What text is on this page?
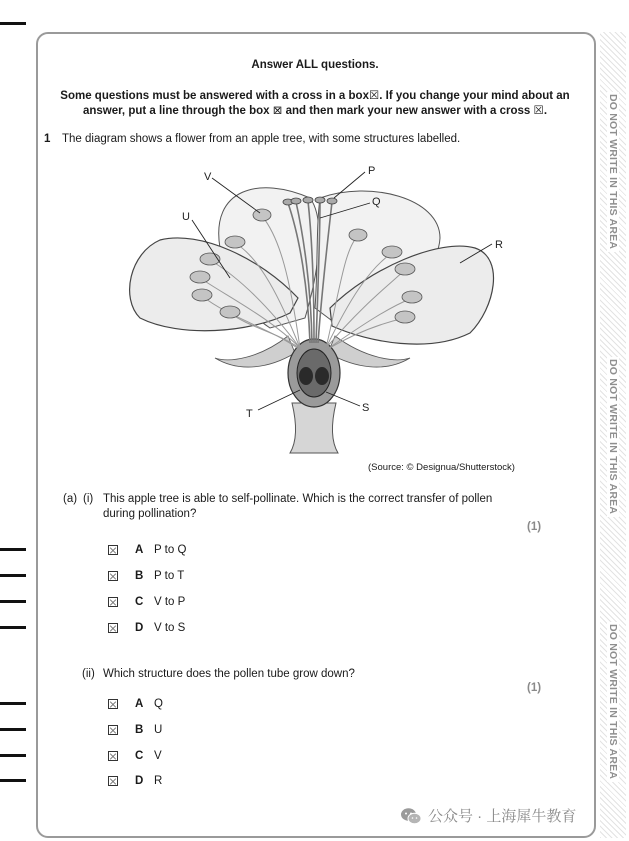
DO NOT WRITE IN THIS AREA
DO NOT WRITE IN THIS AREA
DO NOT WRITE IN THIS AREA
Answer ALL questions.
Some questions must be answered with a cross in a box☒. If you change your mind about an
answer, put a line through the box ⊠ and then mark your new answer with a cross ☒.
1 The diagram shows a flower from an apple tree, with some structures labelled.
V	P
Q
U
R
T	S
(Source: © Designua/Shutterstock)
(a) (i) This apple tree is able to self-pollinate. Which is the correct transfer of pollen
during pollination?
(1)
A P to Q
B P to T
C V to P
D V to S
(ii) Which structure does the pollen tube grow down?
(1)
A Q
B U
C V
D R
公众号 · 上海犀牛教育
